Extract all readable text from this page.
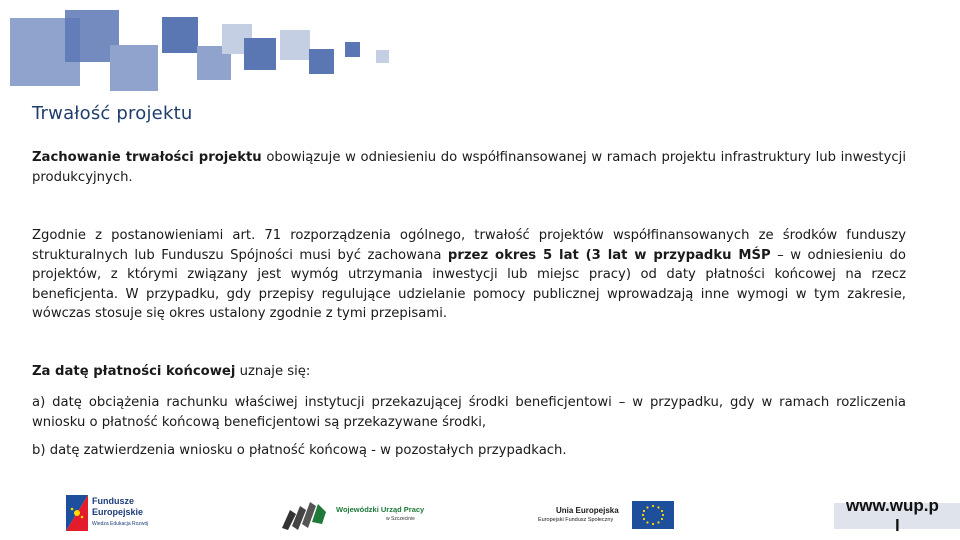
Trwałość projektu

Zachowanie trwałości projektu obowiązuje w odniesieniu do współfinansowanej w ramach projektu infrastruktury lub inwestycji produkcyjnych.

Zgodnie z postanowieniami art. 71 rozporządzenia ogólnego, trwałość projektów współfinansowanych ze środków funduszy strukturalnych lub Funduszu Spójności musi być zachowana przez okres 5 lat (3 lat w przypadku MŚP – w odniesieniu do projektów, z którymi związany jest wymóg utrzymania inwestycji lub miejsc pracy) od daty płatności końcowej na rzecz beneficjenta. W przypadku, gdy przepisy regulujące udzielanie pomocy publicznej wprowadzają inne wymogi w tym zakresie, wówczas stosuje się okres ustalony zgodnie z tymi przepisami.

Za datę płatności końcowej uznaje się:

a) datę obciążenia rachunku właściwej instytucji przekazującej środki beneficjentowi – w przypadku, gdy w ramach rozliczenia wniosku o płatność końcową beneficjentowi są przekazywane środki,

b) datę zatwierdzenia wniosku o płatność końcową - w pozostałych przypadkach.

Fundusze
Europejskie
Wiedza Edukacja Rozwój
Wojewódzki Urząd Pracy
w Szczecinie
Unia Europejska
Europejski Fundusz Społeczny
www.wup.p
l
